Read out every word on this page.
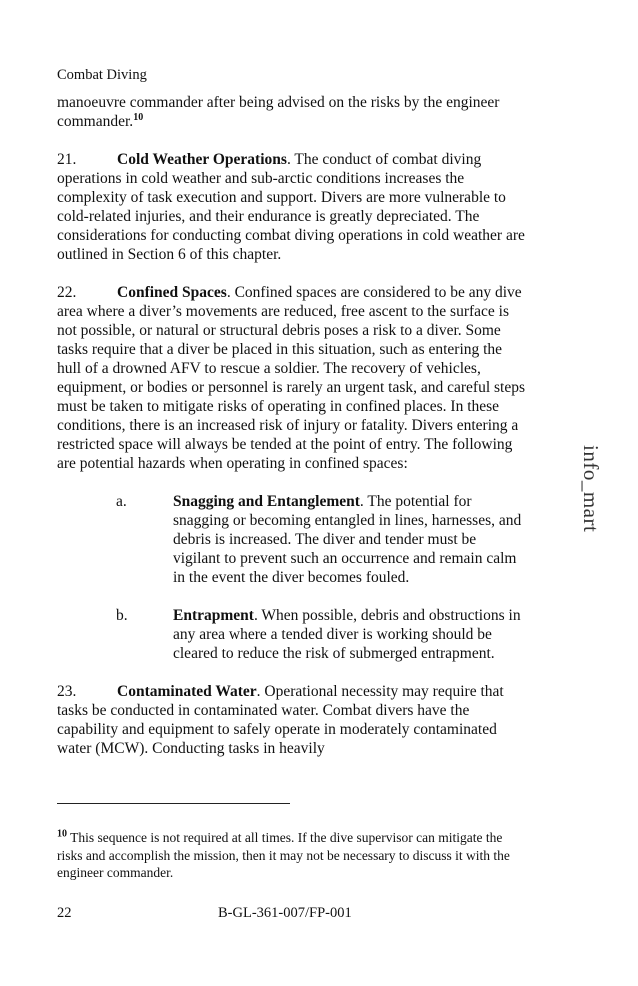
Combat Diving

manoeuvre commander after being advised on the risks by the engineer commander.$^{10}$

21.	Cold Weather Operations. The conduct of combat diving operations in cold weather and sub-arctic conditions increases the complexity of task execution and support. Divers are more vulnerable to cold-related injuries, and their endurance is greatly depreciated. The considerations for conducting combat diving operations in cold weather are outlined in Section 6 of this chapter.

22.	Confined Spaces. Confined spaces are considered to be any dive area where a diver’s movements are reduced, free ascent to the surface is not possible, or natural or structural debris poses a risk to a diver. Some tasks require that a diver be placed in this situation, such as entering the hull of a drowned AFV to rescue a soldier. The recovery of vehicles, equipment, or bodies or personnel is rarely an urgent task, and careful steps must be taken to mitigate risks of operating in confined places. In these conditions, there is an increased risk of injury or fatality. Divers entering a restricted space will always be tended at the point of entry. The following are potential hazards when operating in confined spaces:

a.	Snagging and Entanglement. The potential for snagging or becoming entangled in lines, harnesses, and debris is increased. The diver and tender must be vigilant to prevent such an occurrence and remain calm in the event the diver becomes fouled.
b.	Entrapment. When possible, debris and obstructions in any area where a tended diver is working should be cleared to reduce the risk of submerged entrapment.

23.	Contaminated Water. Operational necessity may require that tasks be conducted in contaminated water. Combat divers have the capability and equipment to safely operate in moderately contaminated water (MCW). Conducting tasks in heavily

$^{10}$ This sequence is not required at all times. If the dive supervisor can mitigate the risks and accomplish the mission, then it may not be necessary to discuss it with the engineer commander.
22	B-GL-361-007/FP-001
info_mart
